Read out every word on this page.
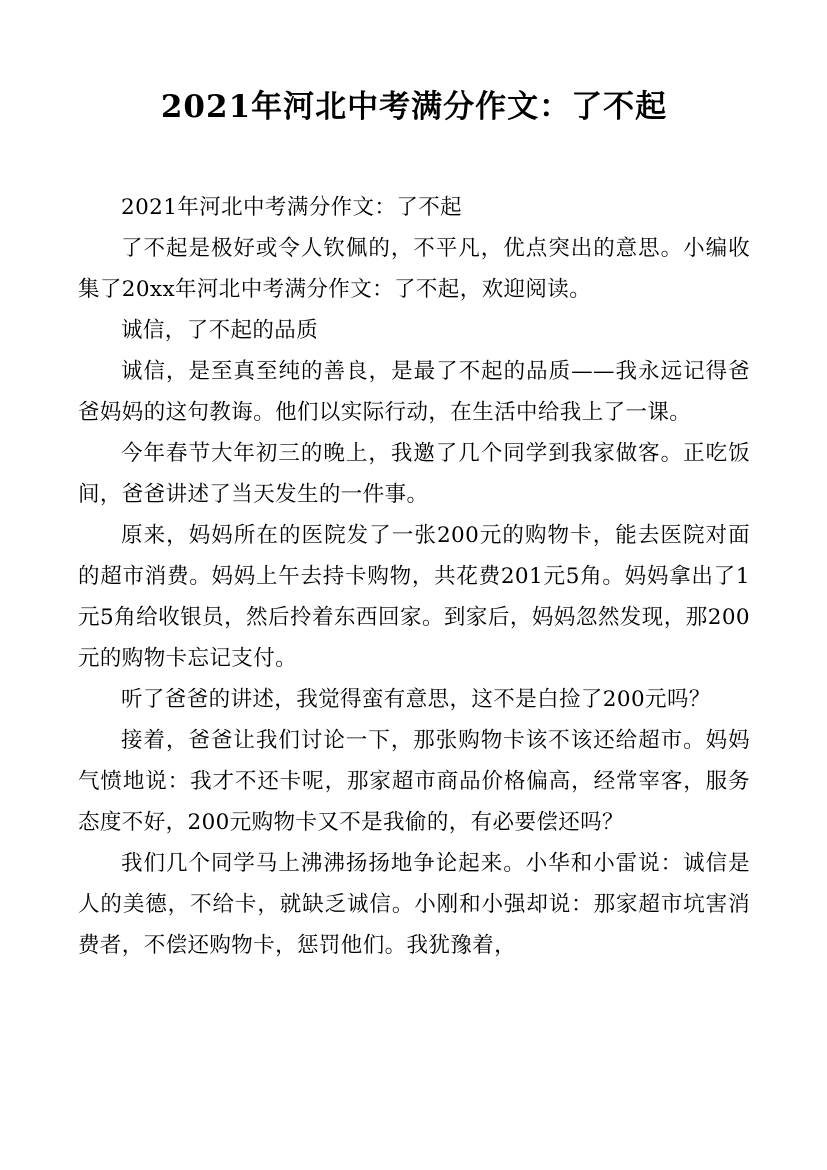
2021年河北中考满分作文：了不起

2021年河北中考满分作文：了不起

了不起是极好或令人钦佩的，不平凡，优点突出的意思。小编收集了20xx年河北中考满分作文：了不起，欢迎阅读。

诚信，了不起的品质

诚信，是至真至纯的善良，是最了不起的品质——我永远记得爸爸妈妈的这句教诲。他们以实际行动，在生活中给我上了一课。

今年春节大年初三的晚上，我邀了几个同学到我家做客。正吃饭间，爸爸讲述了当天发生的一件事。

原来，妈妈所在的医院发了一张200元的购物卡，能去医院对面的超市消费。妈妈上午去持卡购物，共花费201元5角。妈妈拿出了1元5角给收银员，然后拎着东西回家。到家后，妈妈忽然发现，那200元的购物卡忘记支付。

听了爸爸的讲述，我觉得蛮有意思，这不是白捡了200元吗？

接着，爸爸让我们讨论一下，那张购物卡该不该还给超市。妈妈气愤地说：我才不还卡呢，那家超市商品价格偏高，经常宰客，服务态度不好，200元购物卡又不是我偷的，有必要偿还吗？

我们几个同学马上沸沸扬扬地争论起来。小华和小雷说：诚信是人的美德，不给卡，就缺乏诚信。小刚和小强却说：那家超市坑害消费者，不偿还购物卡，惩罚他们。我犹豫着，
